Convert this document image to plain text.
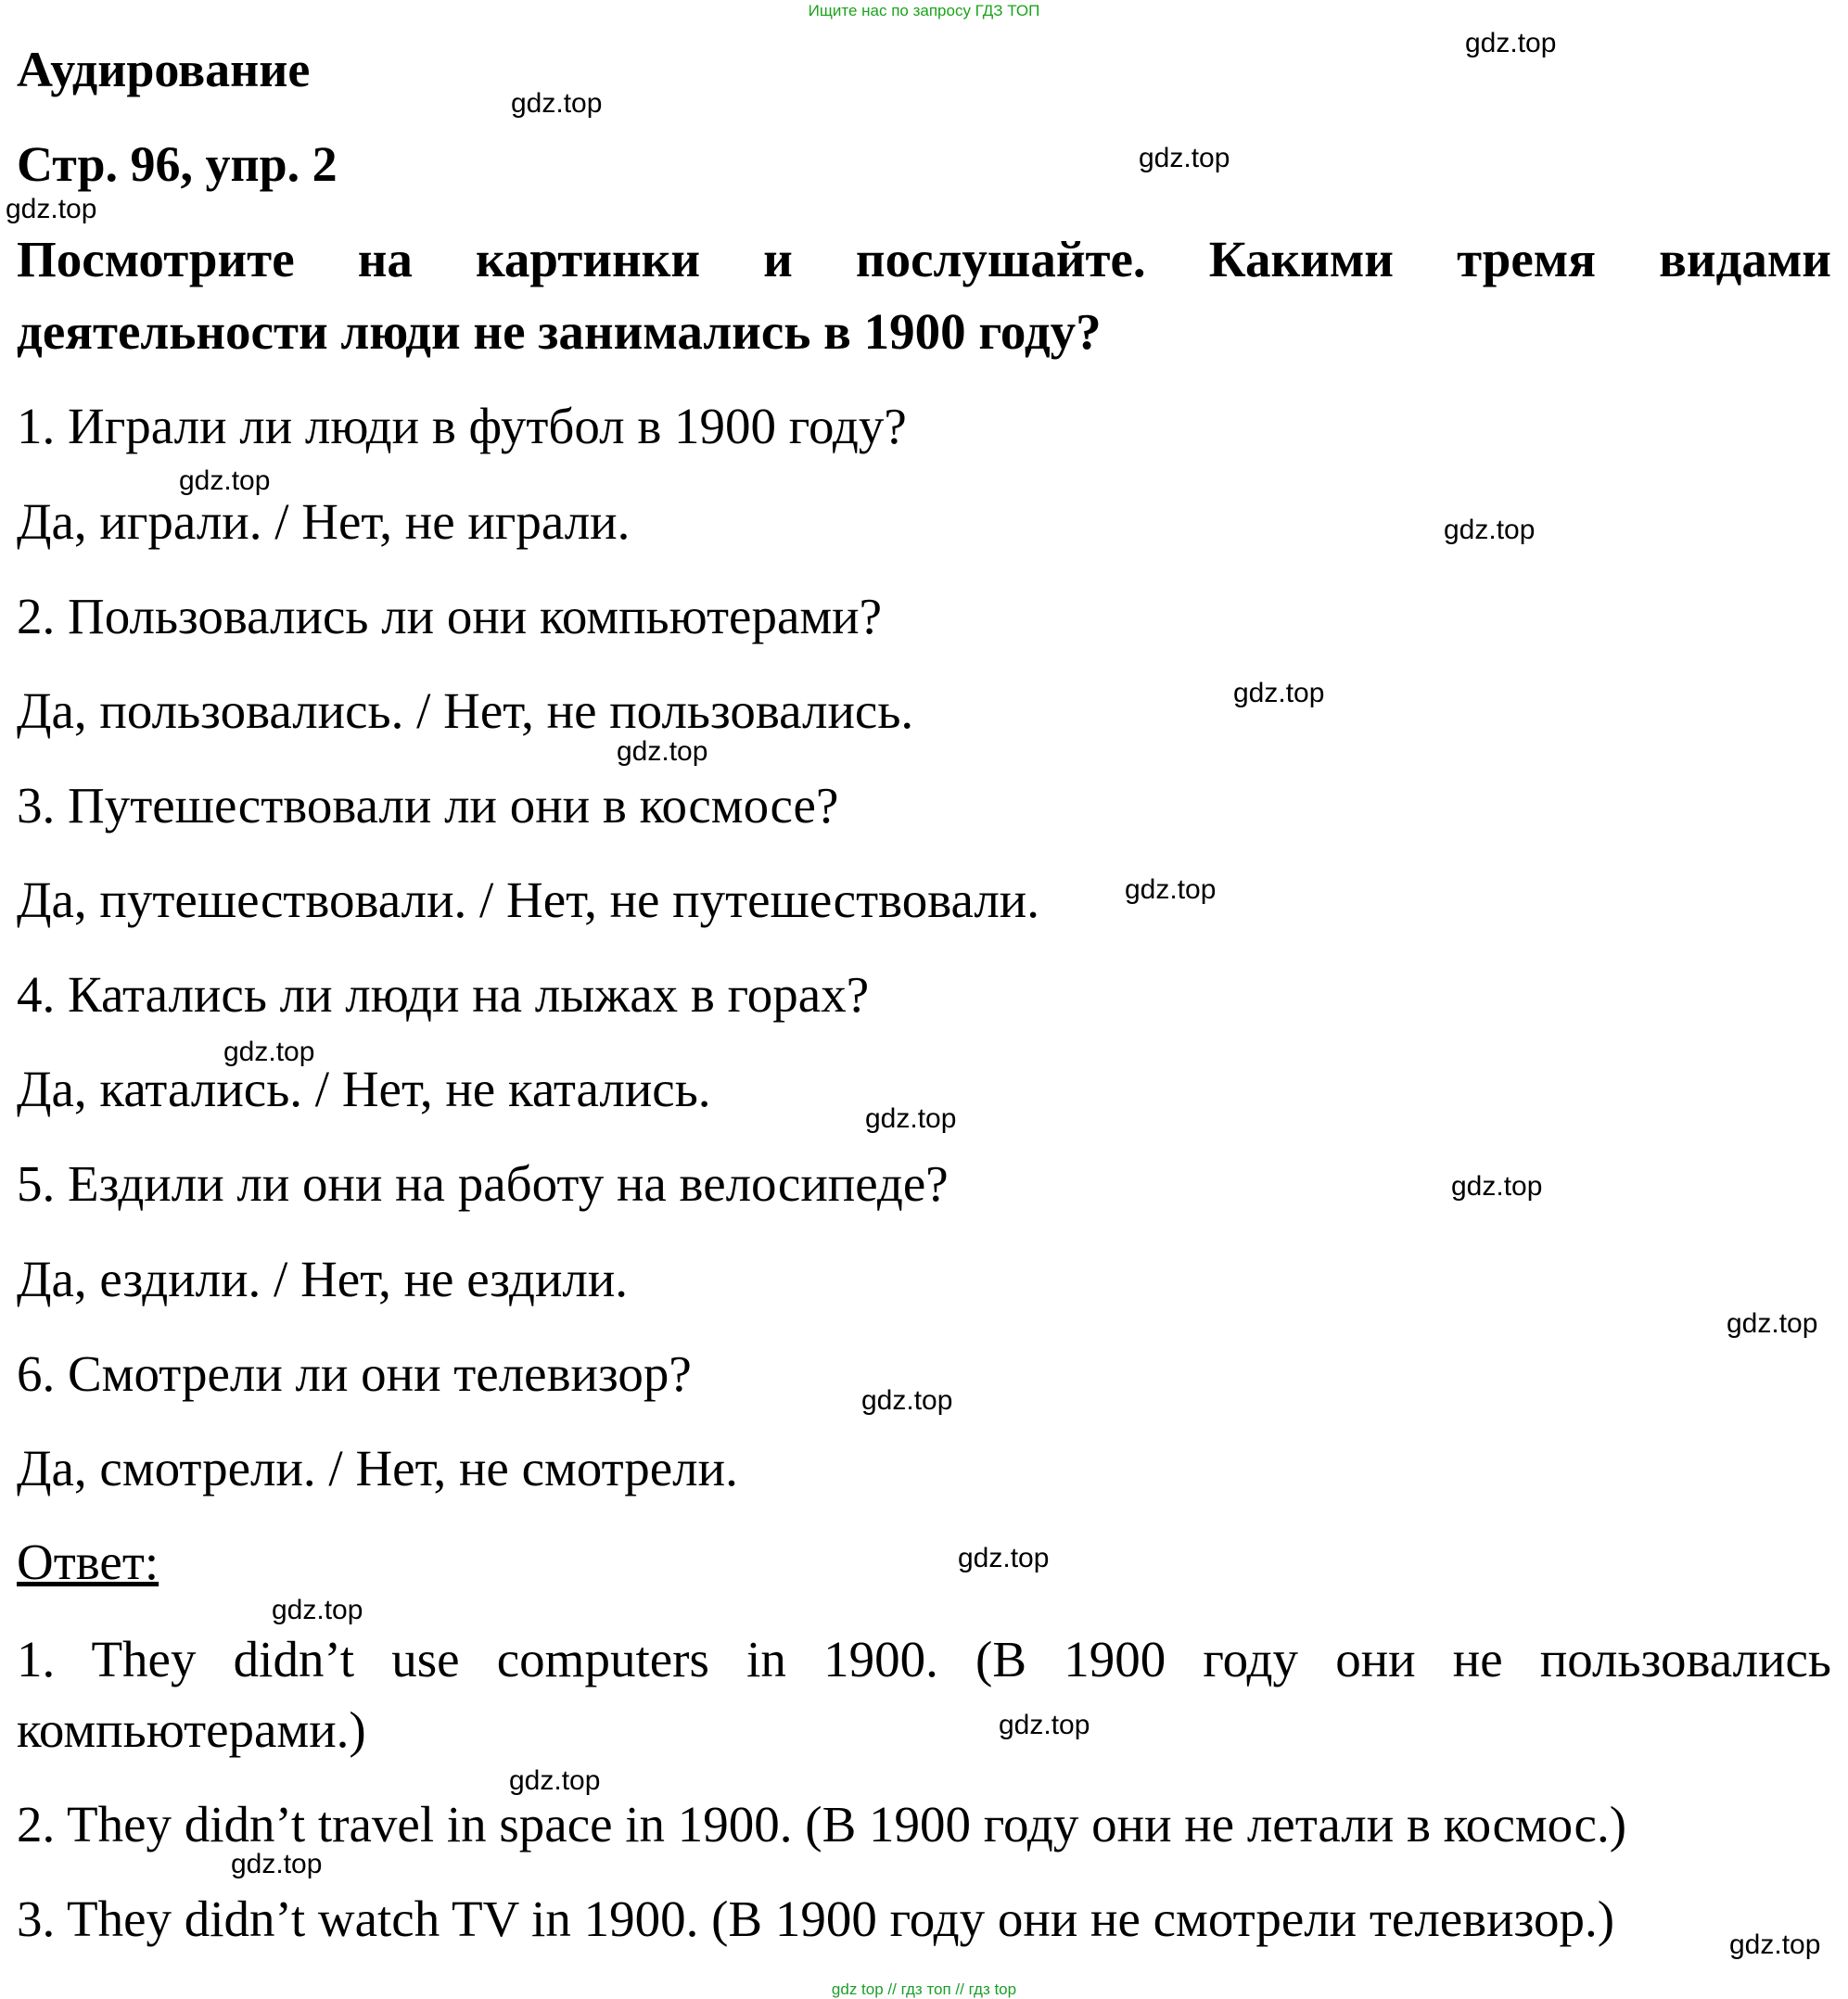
Ищите нас по запросу ГДЗ ТОП
Аудирование
Стр. 96, упр. 2
Посмотрите на картинки и послушайте. Какими тремя видами
деятельности люди не занимались в 1900 году?
1. Играли ли люди в футбол в 1900 году?
Да, играли. / Нет, не играли.
2. Пользовались ли они компьютерами?
Да, пользовались. / Нет, не пользовались.
3. Путешествовали ли они в космосе?
Да, путешествовали. / Нет, не путешествовали.
4. Катались ли люди на лыжах в горах?
Да, катались. / Нет, не катались.
5. Ездили ли они на работу на велосипеде?
Да, ездили. / Нет, не ездили.
6. Смотрели ли они телевизор?
Да, смотрели. / Нет, не смотрели.
Ответ:
1. They didn’t use computers in 1900. (В 1900 году они не пользовались
компьютерами.)
2. They didn’t travel in space in 1900. (В 1900 году они не летали в космос.)
3. They didn’t watch TV in 1900. (В 1900 году они не смотрели телевизор.)
gdz.top
gdz.top
gdz.top
gdz.top
gdz.top
gdz.top
gdz.top
gdz.top
gdz.top
gdz.top
gdz.top
gdz.top
gdz.top
gdz.top
gdz.top
gdz.top
gdz.top
gdz.top
gdz.top
gdz.top
gdz top // гдз топ // гдз top
